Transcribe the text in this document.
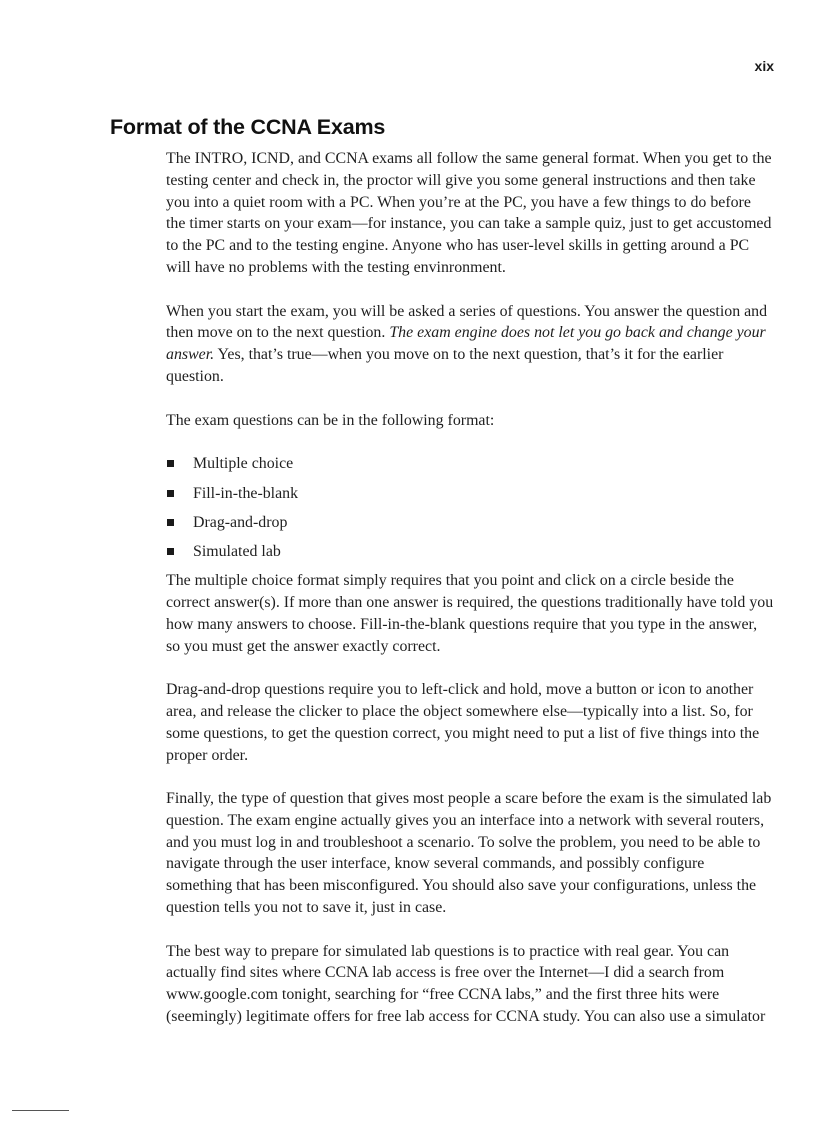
xix
Format of the CCNA Exams

The INTRO, ICND, and CCNA exams all follow the same general format. When you get to the testing center and check in, the proctor will give you some general instructions and then take you into a quiet room with a PC. When you’re at the PC, you have a few things to do before the timer starts on your exam—for instance, you can take a sample quiz, just to get accustomed to the PC and to the testing engine. Anyone who has user-level skills in getting around a PC will have no problems with the testing envinronment.

When you start the exam, you will be asked a series of questions. You answer the question and then move on to the next question. The exam engine does not let you go back and change your answer. Yes, that’s true—when you move on to the next question, that’s it for the earlier question.

The exam questions can be in the following format:

Multiple choice
Fill-in-the-blank
Drag-and-drop
Simulated lab

The multiple choice format simply requires that you point and click on a circle beside the correct answer(s). If more than one answer is required, the questions traditionally have told you how many answers to choose. Fill-in-the-blank questions require that you type in the answer, so you must get the answer exactly correct.

Drag-and-drop questions require you to left-click and hold, move a button or icon to another area, and release the clicker to place the object somewhere else—typically into a list. So, for some questions, to get the question correct, you might need to put a list of five things into the proper order.

Finally, the type of question that gives most people a scare before the exam is the simulated lab question. The exam engine actually gives you an interface into a network with several routers, and you must log in and troubleshoot a scenario. To solve the problem, you need to be able to navigate through the user interface, know several commands, and possibly configure something that has been misconfigured. You should also save your configurations, unless the question tells you not to save it, just in case.

The best way to prepare for simulated lab questions is to practice with real gear. You can actually find sites where CCNA lab access is free over the Internet—I did a search from www.google.com tonight, searching for “free CCNA labs,” and the first three hits were (seemingly) legitimate offers for free lab access for CCNA study. You can also use a simulator
